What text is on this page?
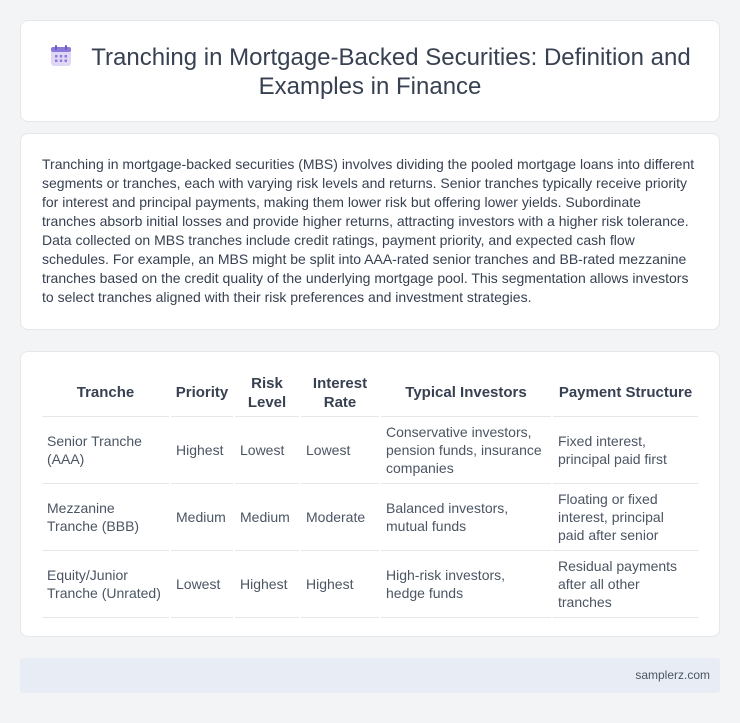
Tranching in Mortgage-Backed Securities: Definition and Examples in Finance

Tranching in mortgage-backed securities (MBS) involves dividing the pooled mortgage loans into different segments or tranches, each with varying risk levels and returns. Senior tranches typically receive priority for interest and principal payments, making them lower risk but offering lower yields. Subordinate tranches absorb initial losses and provide higher returns, attracting investors with a higher risk tolerance. Data collected on MBS tranches include credit ratings, payment priority, and expected cash flow schedules. For example, an MBS might be split into AAA-rated senior tranches and BB-rated mezzanine tranches based on the credit quality of the underlying mortgage pool. This segmentation allows investors to select tranches aligned with their risk preferences and investment strategies.

Tranche	Priority	Risk Level	Interest Rate	Typical Investors	Payment Structure
Senior Tranche (AAA)	Highest	Lowest	Lowest	Conservative investors, pension funds, insurance companies	Fixed interest, principal paid first
Mezzanine Tranche (BBB)	Medium	Medium	Moderate	Balanced investors, mutual funds	Floating or fixed interest, principal paid after senior
Equity/Junior Tranche (Unrated)	Lowest	Highest	Highest	High-risk investors, hedge funds	Residual payments after all other tranches
samplerz.com
